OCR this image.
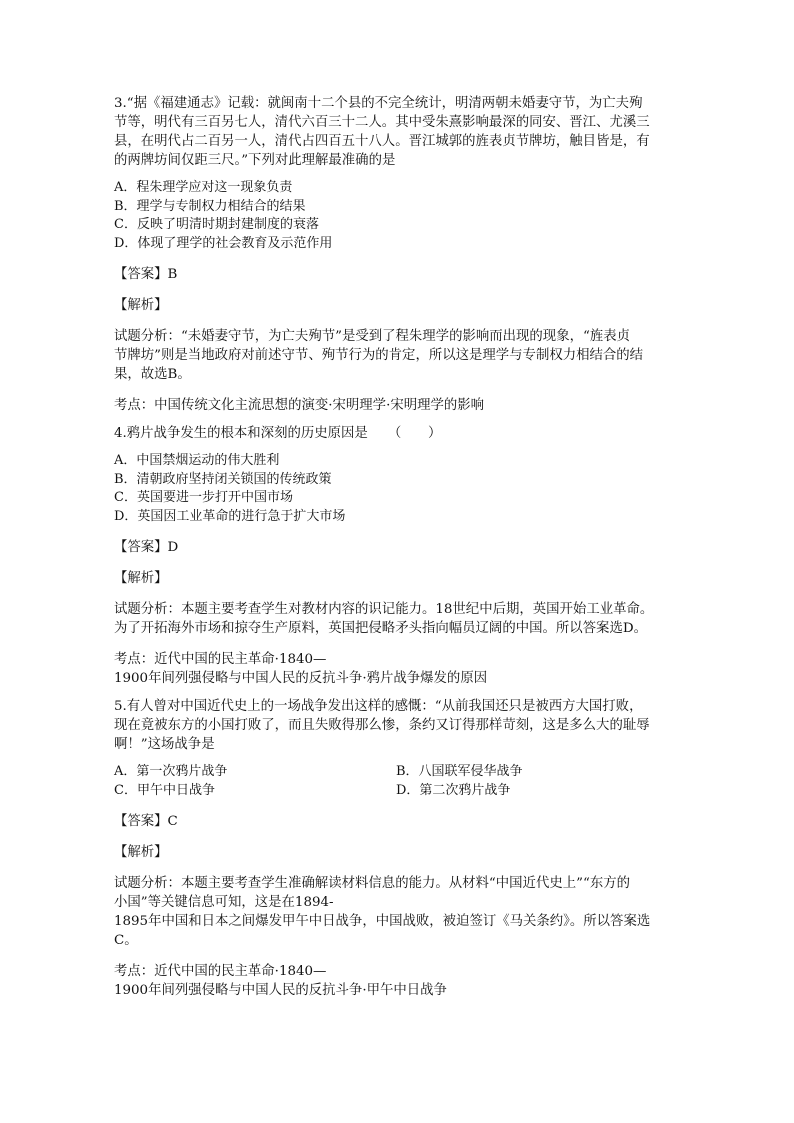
3.“据《福建通志》记载：就闽南十二个县的不完全统计，明清两朝未婚妻守节，为亡夫殉
节等，明代有三百另七人，清代六百三十二人。其中受朱熹影响最深的同安、晋江、尤溪三
县，在明代占二百另一人，清代占四百五十八人。晋江城郭的旌表贞节牌坊，触目皆是，有
的两牌坊间仅距三尺。”下列对此理解最准确的是

A．程朱理学应对这一现象负责
B．理学与专制权力相结合的结果
C．反映了明清时期封建制度的衰落
D．体现了理学的社会教育及示范作用

【答案】B

【解析】

试题分析：“未婚妻守节，为亡夫殉节”是受到了程朱理学的影响而出现的现象，“旌表贞
节牌坊”则是当地政府对前述守节、殉节行为的肯定，所以这是理学与专制权力相结合的结
果，故选B。

考点：中国传统文化主流思想的演变·宋明理学·宋明理学的影响

4.鸦片战争发生的根本和深刻的历史原因是　　（　　）

A．中国禁烟运动的伟大胜利
B．清朝政府坚持闭关锁国的传统政策
C．英国要进一步打开中国市场
D．英国因工业革命的进行急于扩大市场

【答案】D

【解析】

试题分析：本题主要考查学生对教材内容的识记能力。18世纪中后期，英国开始工业革命。
为了开拓海外市场和掠夺生产原料，英国把侵略矛头指向幅员辽阔的中国。所以答案选D。

考点：近代中国的民主革命·1840—
1900年间列强侵略与中国人民的反抗斗争·鸦片战争爆发的原因

5.有人曾对中国近代史上的一场战争发出这样的感慨：“从前我国还只是被西方大国打败，
现在竟被东方的小国打败了，而且失败得那么惨，条约又订得那样苛刻，这是多么大的耻辱
啊！”这场战争是

A．第一次鸦片战争	B．八国联军侵华战争
C．甲午中日战争	D．第二次鸦片战争

【答案】C

【解析】

试题分析：本题主要考查学生准确解读材料信息的能力。从材料“中国近代史上”“东方的
小国”等关键信息可知，这是在1894-
1895年中国和日本之间爆发甲午中日战争，中国战败，被迫签订《马关条约》。所以答案选
C。

考点：近代中国的民主革命·1840—
1900年间列强侵略与中国人民的反抗斗争·甲午中日战争
